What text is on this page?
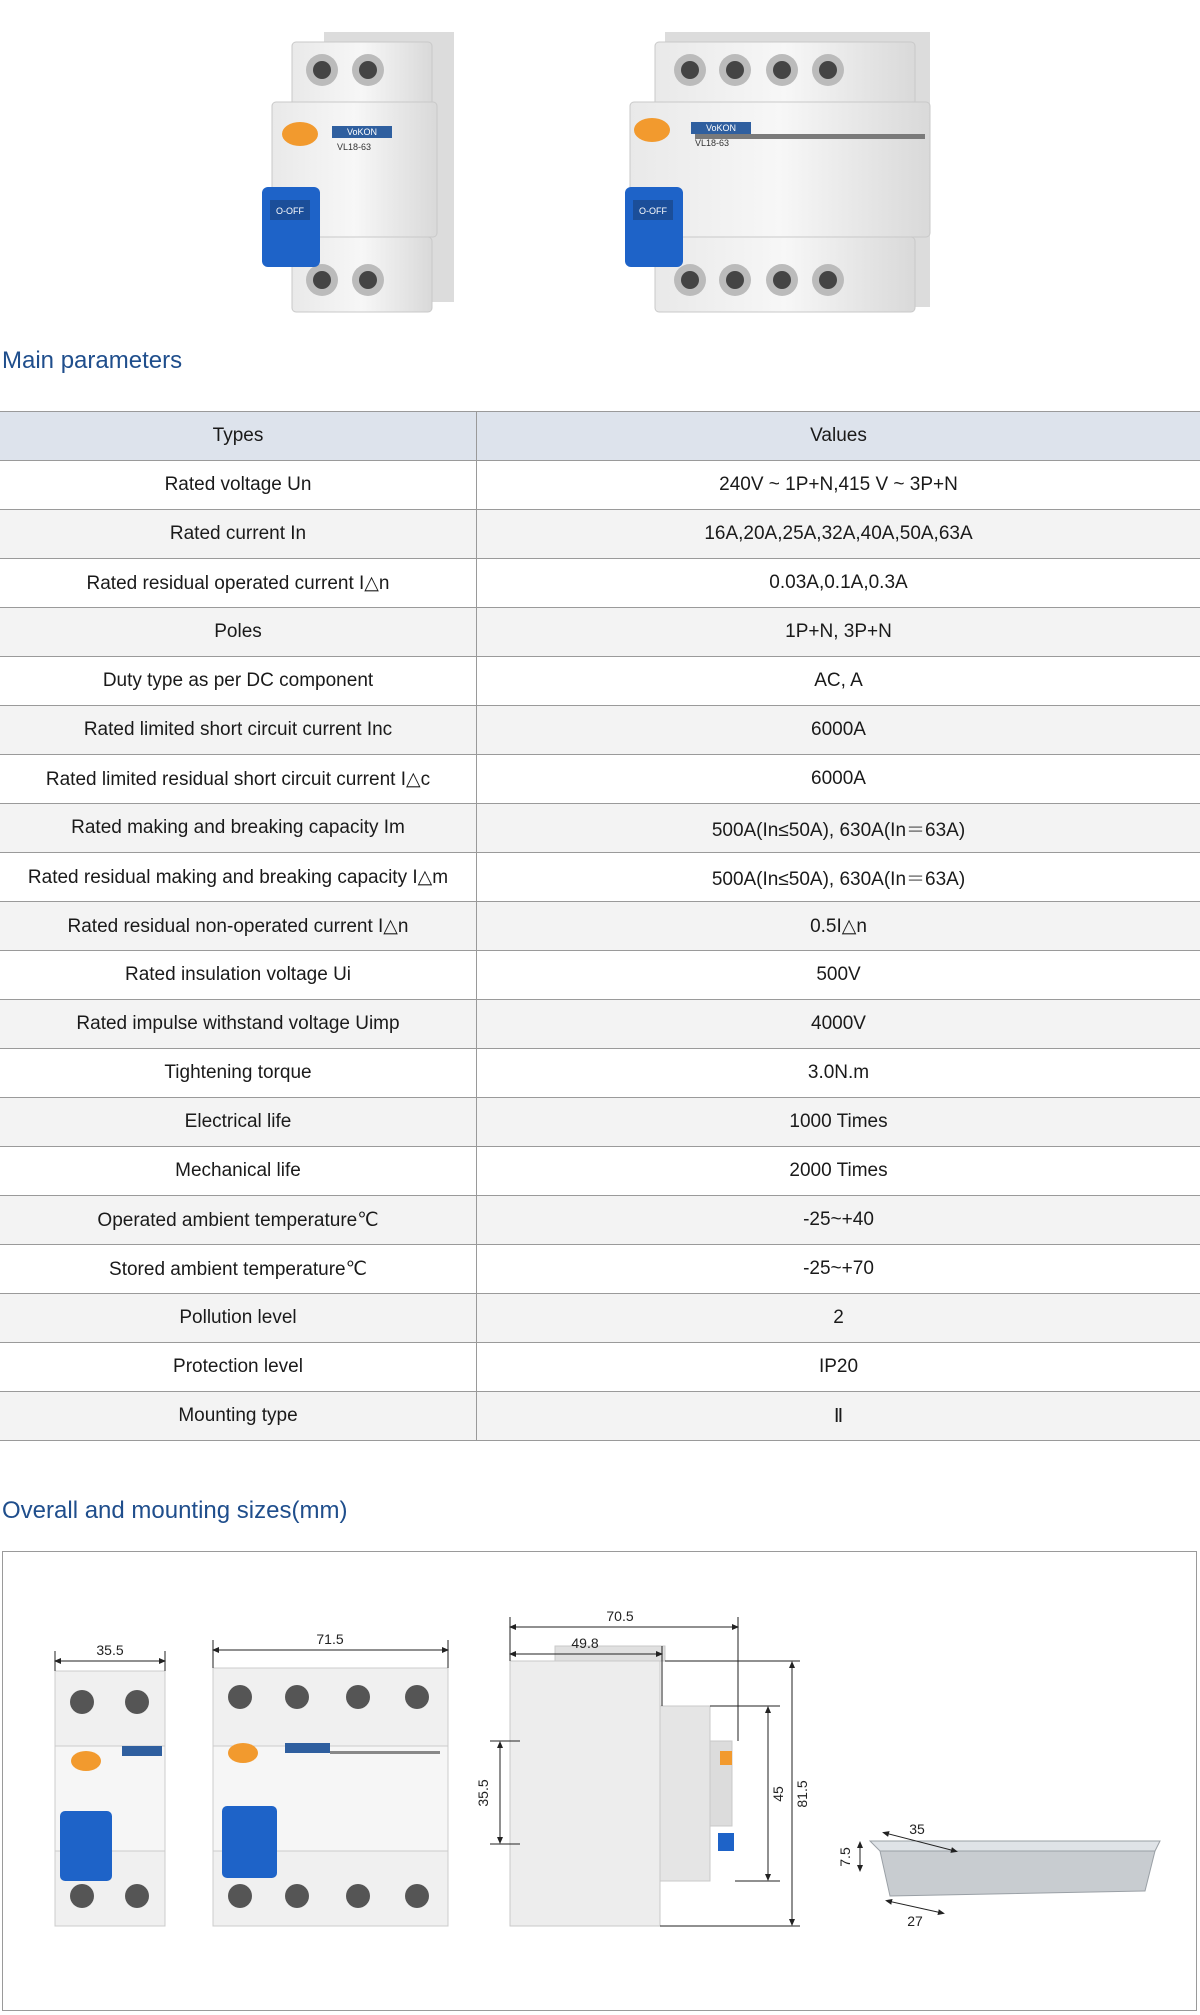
VoKON
VL18-63
O-OFF
VoKON
VL18-63
O-OFF
Main parameters
Types	Values
Rated voltage Un	240V ~ 1P+N,415 V ~ 3P+N
Rated current In	16A,20A,25A,32A,40A,50A,63A
Rated residual operated current I△n	0.03A,0.1A,0.3A
Poles	1P+N, 3P+N
Duty type as per DC component	AC, A
Rated limited short circuit current Inc	6000A
Rated limited residual short circuit current I△c	6000A
Rated making and breaking capacity Im	500A(In≤50A), 630A(In＝63A)
Rated residual making and breaking capacity I△m	500A(In≤50A), 630A(In＝63A)
Rated residual non-operated current I△n	0.5I△n
Rated insulation voltage Ui	500V
Rated impulse withstand voltage Uimp	4000V
Tightening torque	3.0N.m
Electrical life	1000 Times
Mechanical life	2000 Times
Operated ambient temperature℃	-25~+40
Stored ambient temperature℃	-25~+70
Pollution level	2
Protection level	IP20
Mounting type	Ⅱ
Overall and mounting sizes(mm)
35.5
71.5
70.5
49.8
35.5	45 81.5
35
27
7.5
